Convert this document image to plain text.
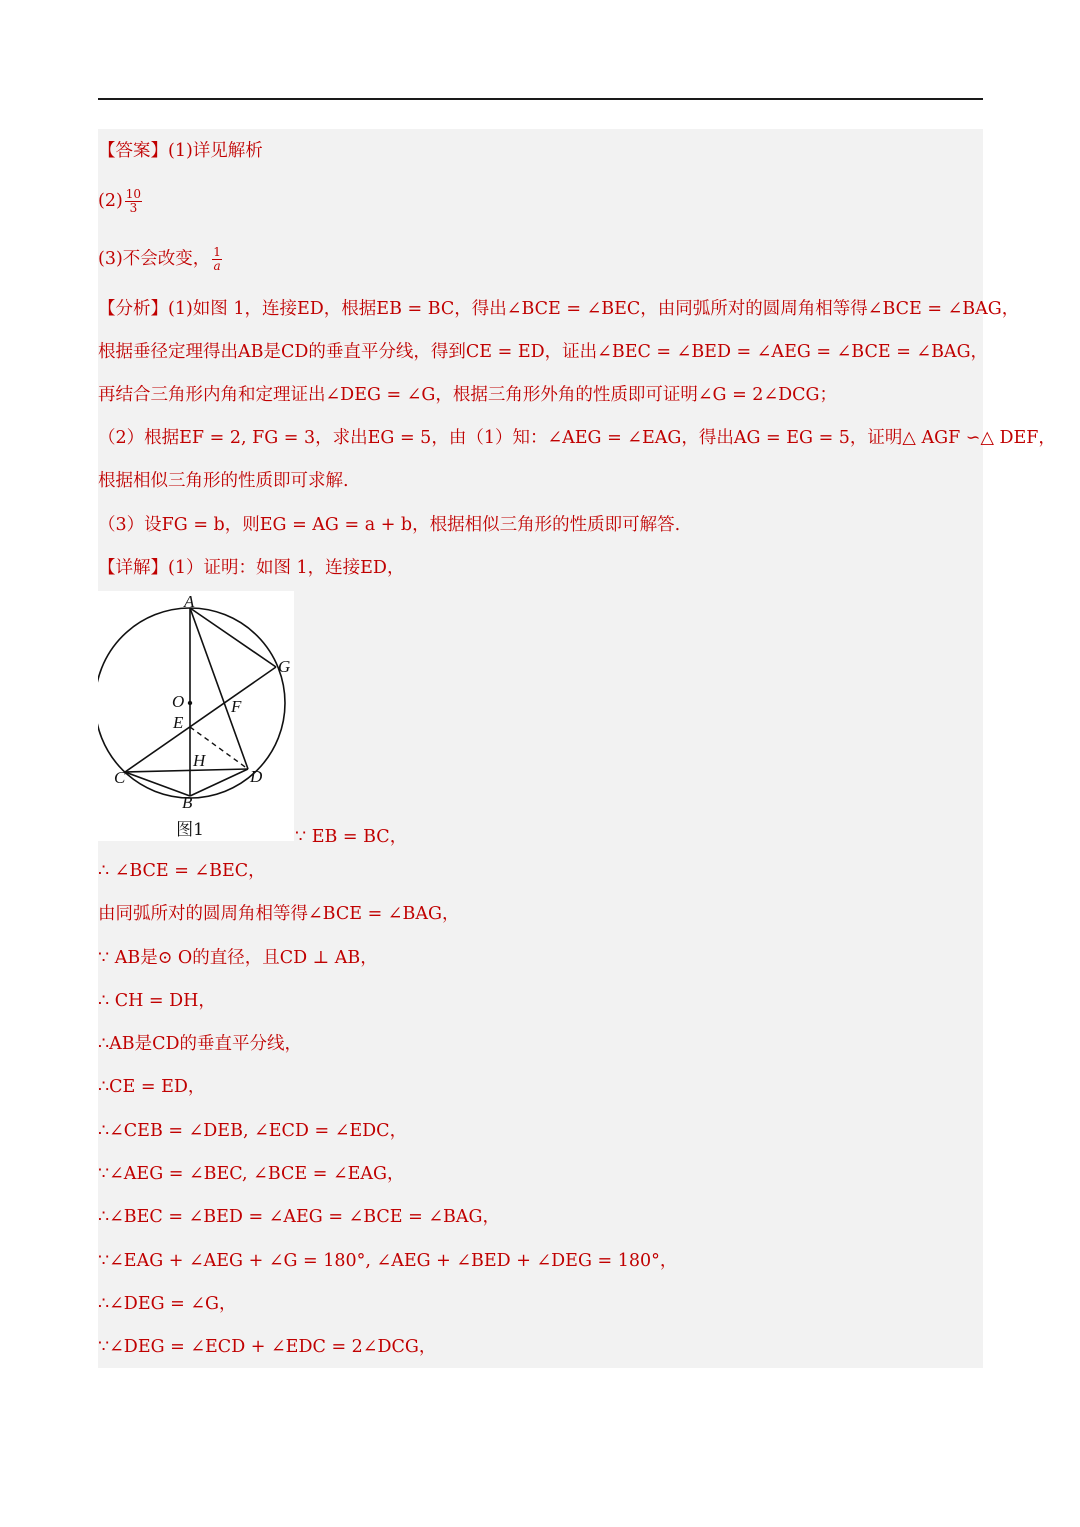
【答案】(1)详见解析
$(2) \frac{10}{3}$
(3)不会改变， $\frac{1}{a}$
【分析】(1)如图 1，连接ED，根据EB = BC，得出∠BCE = ∠BEC，由同弧所对的圆周角相等得∠BCE = ∠BAG，
根据垂径定理得出AB是CD的垂直平分线，得到CE = ED，证出∠BEC = ∠BED = ∠AEG = ∠BCE = ∠BAG，
再结合三角形内角和定理证出∠DEG = ∠G，根据三角形外角的性质即可证明∠G = 2∠DCG；
（2）根据EF = 2, FG = 3，求出EG = 5，由（1）知：∠AEG = ∠EAG，得出AG = EG = 5，证明△ AGF ∽△ DEF，
根据相似三角形的性质即可求解.
（3）设FG = b，则EG = AG = a + b，根据相似三角形的性质即可解答.
【详解】(1）证明：如图 1，连接ED，
A
B
C	D
E
F
G
H
O
图1	∵ EB = BC，
∴ ∠BCE = ∠BEC，
由同弧所对的圆周角相等得∠BCE = ∠BAG，
∵ AB是⊙ O的直径，且CD ⊥ AB，
∴ CH = DH，
∴AB是CD的垂直平分线，
∴CE = ED，
∴∠CEB = ∠DEB, ∠ECD = ∠EDC，
∵∠AEG = ∠BEC, ∠BCE = ∠EAG，
∴∠BEC = ∠BED = ∠AEG = ∠BCE = ∠BAG，
∵∠EAG + ∠AEG + ∠G = 180°, ∠AEG + ∠BED + ∠DEG = 180°，
∴∠DEG = ∠G，
∵∠DEG = ∠ECD + ∠EDC = 2∠DCG，
